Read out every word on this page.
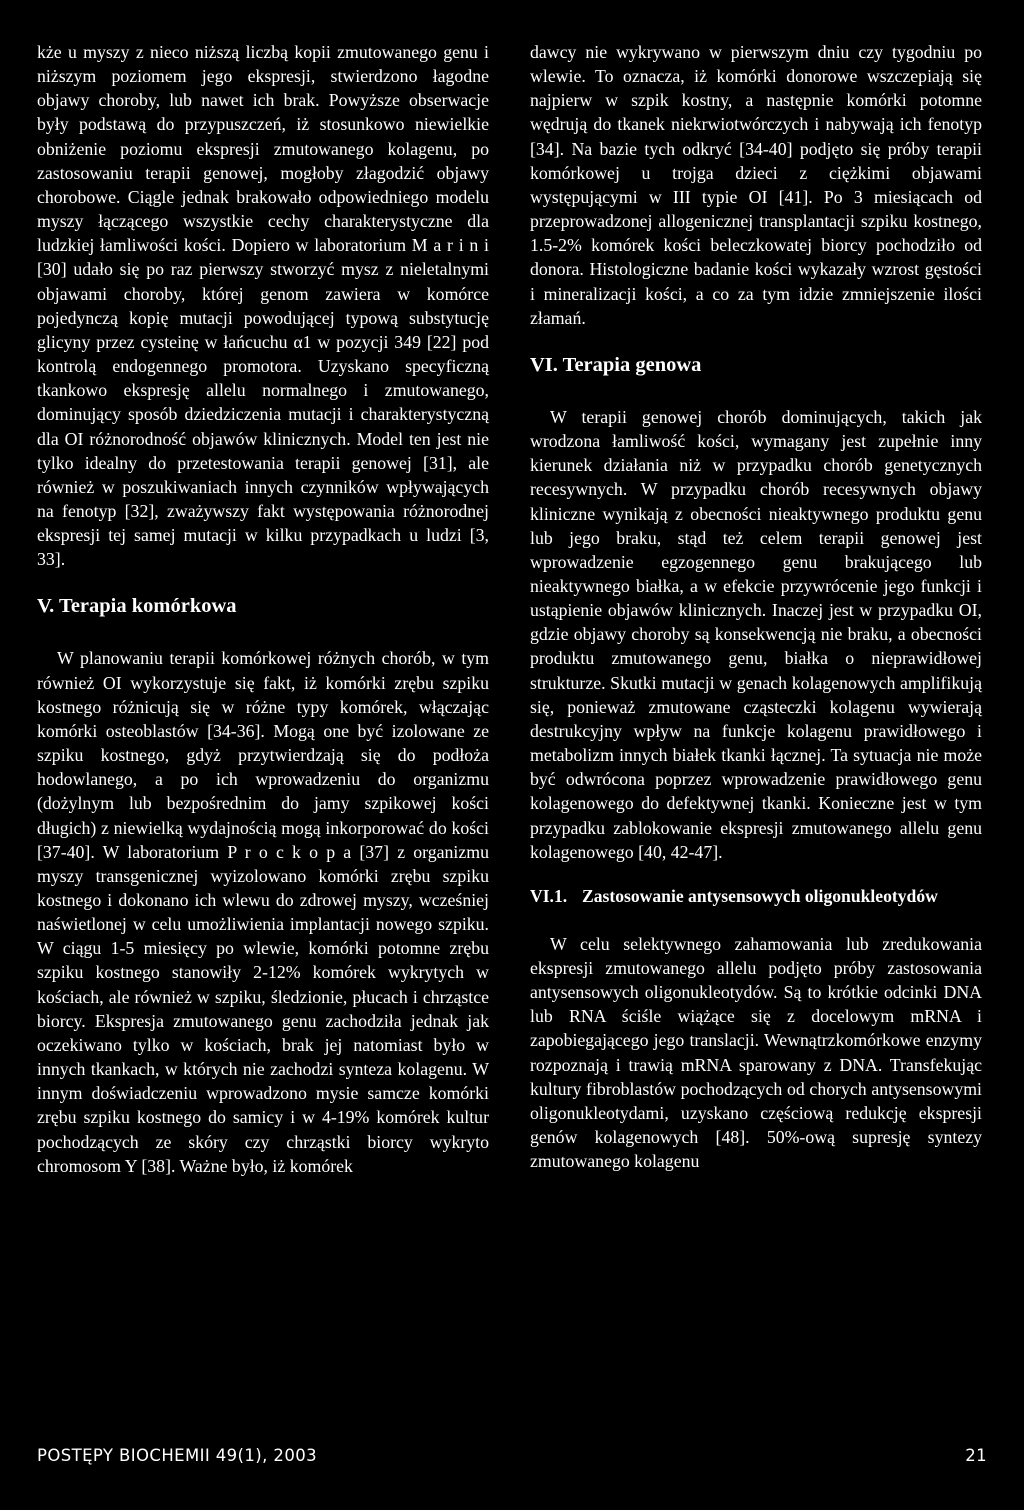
kże u myszy z nieco niższą liczbą kopii zmutowanego genu i niższym poziomem jego ekspresji, stwierdzono łagodne objawy choroby, lub nawet ich brak. Powyższe obserwacje były podstawą do przypuszczeń, iż stosunkowo niewielkie obniżenie poziomu ekspresji zmutowanego kolagenu, po zastosowaniu terapii genowej, mogłoby złagodzić objawy chorobowe. Ciągle jednak brakowało odpowiedniego modelu myszy łączącego wszystkie cechy charakterystyczne dla ludzkiej łamliwości kości. Dopiero w laboratorium M a r i n i [30] udało się po raz pierwszy stworzyć mysz z nieletalnymi objawami choroby, której genom zawiera w komórce pojedynczą kopię mutacji powodującej typową substytucję glicyny przez cysteinę w łańcuchu α1 w pozycji 349 [22] pod kontrolą endogennego promotora. Uzyskano specyficzną tkankowo ekspresję allelu normalnego i zmutowanego, dominujący sposób dziedziczenia mutacji i charakterystyczną dla OI różnorodność objawów klinicznych. Model ten jest nie tylko idealny do przetestowania terapii genowej [31], ale również w poszukiwaniach innych czynników wpływających na fenotyp [32], zważywszy fakt występowania różnorodnej ekspresji tej samej mutacji w kilku przypadkach u ludzi [3, 33].

V. Terapia komórkowa

W planowaniu terapii komórkowej różnych chorób, w tym również OI wykorzystuje się fakt, iż komórki zrębu szpiku kostnego różnicują się w różne typy komórek, włączając komórki osteoblastów [34-36]. Mogą one być izolowane ze szpiku kostnego, gdyż przytwierdzają się do podłoża hodowlanego, a po ich wprowadzeniu do organizmu (dożylnym lub bezpośrednim do jamy szpikowej kości długich) z niewielką wydajnością mogą inkorporować do kości [37-40]. W laboratorium P r o c k o p a [37] z organizmu myszy transgenicznej wyizolowano komórki zrębu szpiku kostnego i dokonano ich wlewu do zdrowej myszy, wcześniej naświetlonej w celu umożliwienia implantacji nowego szpiku. W ciągu 1-5 miesięcy po wlewie, komórki potomne zrębu szpiku kostnego stanowiły 2-12% komórek wykrytych w kościach, ale również w szpiku, śledzionie, płucach i chrząstce biorcy. Ekspresja zmutowanego genu zachodziła jednak jak oczekiwano tylko w kościach, brak jej natomiast było w innych tkankach, w których nie zachodzi synteza kolagenu. W innym doświadczeniu wprowadzono mysie samcze komórki zrębu szpiku kostnego do samicy i w 4-19% komórek kultur pochodzących ze skóry czy chrząstki biorcy wykryto chromosom Y [38]. Ważne było, iż komórek

dawcy nie wykrywano w pierwszym dniu czy tygodniu po wlewie. To oznacza, iż komórki donorowe wszczepiają się najpierw w szpik kostny, a następnie komórki potomne wędrują do tkanek niekrwiotwórczych i nabywają ich fenotyp [34]. Na bazie tych odkryć [34-40] podjęto się próby terapii komórkowej u trojga dzieci z ciężkimi objawami występującymi w III typie OI [41]. Po 3 miesiącach od przeprowadzonej allogenicznej transplantacji szpiku kostnego, 1.5-2% komórek kości beleczkowatej biorcy pochodziło od donora. Histologiczne badanie kości wykazały wzrost gęstości i mineralizacji kości, a co za tym idzie zmniejszenie ilości złamań.

VI. Terapia genowa

W terapii genowej chorób dominujących, takich jak wrodzona łamliwość kości, wymagany jest zupełnie inny kierunek działania niż w przypadku chorób genetycznych recesywnych. W przypadku chorób recesywnych objawy kliniczne wynikają z obecności nieaktywnego produktu genu lub jego braku, stąd też celem terapii genowej jest wprowadzenie egzogennego genu brakującego lub nieaktywnego białka, a w efekcie przywrócenie jego funkcji i ustąpienie objawów klinicznych. Inaczej jest w przypadku OI, gdzie objawy choroby są konsekwencją nie braku, a obecności produktu zmutowanego genu, białka o nieprawidłowej strukturze. Skutki mutacji w genach kolagenowych amplifikują się, ponieważ zmutowane cząsteczki kolagenu wywierają destrukcyjny wpływ na funkcje kolagenu prawidłowego i metabolizm innych białek tkanki łącznej. Ta sytuacja nie może być odwrócona poprzez wprowadzenie prawidłowego genu kolagenowego do defektywnej tkanki. Konieczne jest w tym przypadku zablokowanie ekspresji zmutowanego allelu genu kolagenowego [40, 42-47].

VI.1. Zastosowanie antysensowych oligonukleotydów

W celu selektywnego zahamowania lub zredukowania ekspresji zmutowanego allelu podjęto próby zastosowania antysensowych oligonukleotydów. Są to krótkie odcinki DNA lub RNA ściśle wiążące się z docelowym mRNA i zapobiegającego jego translacji. Wewnątrzkomórkowe enzymy rozpoznają i trawią mRNA sparowany z DNA. Transfekując kultury fibroblastów pochodzących od chorych antysensowymi oligonukleotydami, uzyskano częściową redukcję ekspresji genów kolagenowych [48]. 50%-ową supresję syntezy zmutowanego kolagenu

POSTĘPY BIOCHEMII 49(1), 2003	21
